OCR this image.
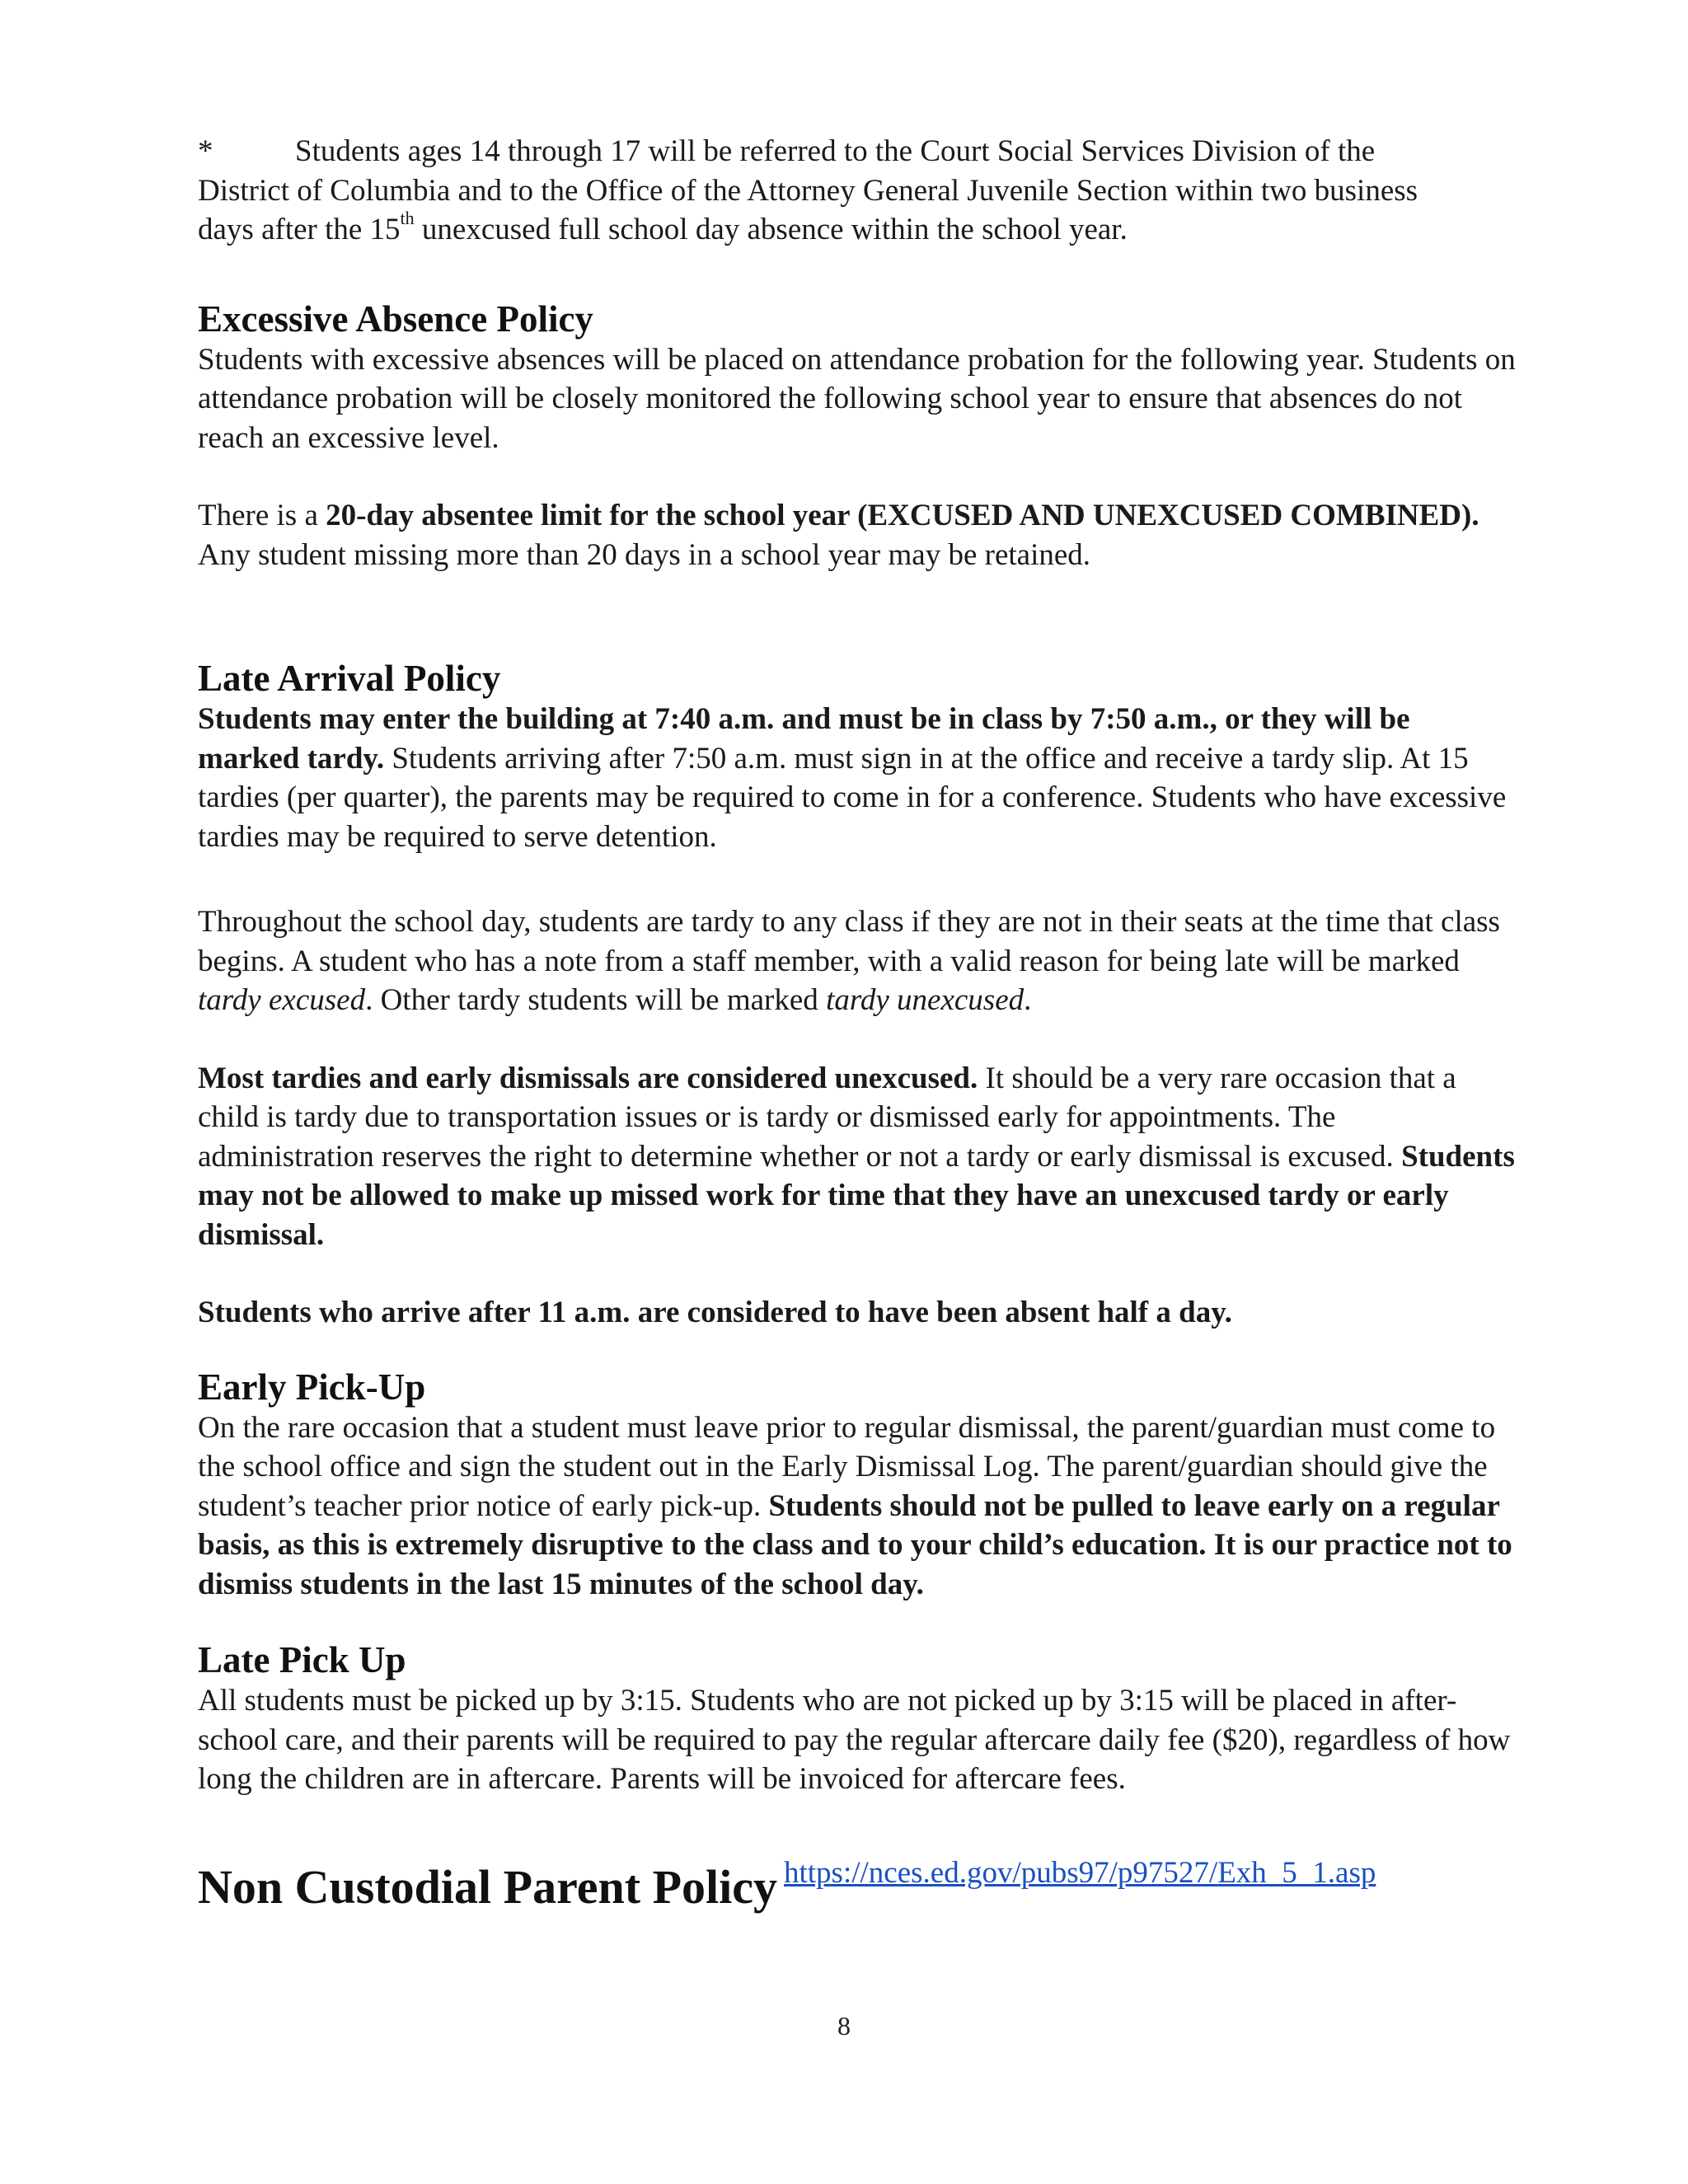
*	Students ages 14 through 17 will be referred to the Court Social Services Division of the
District of Columbia and to the Office of the Attorney General Juvenile Section within two business
days after the 15th unexcused full school day absence within the school year.

Excessive Absence Policy

Students with excessive absences will be placed on attendance probation for the following year. Students on attendance probation will be closely monitored the following school year to ensure that absences do not reach an excessive level.

There is a 20-day absentee limit for the school year (EXCUSED AND UNEXCUSED COMBINED). Any student missing more than 20 days in a school year may be retained.

Late Arrival Policy

Students may enter the building at 7:40 a.m. and must be in class by 7:50 a.m., or they will be marked tardy. Students arriving after 7:50 a.m. must sign in at the office and receive a tardy slip. At 15 tardies (per quarter), the parents may be required to come in for a conference. Students who have excessive tardies may be required to serve detention.

Throughout the school day, students are tardy to any class if they are not in their seats at the time that class begins. A student who has a note from a staff member, with a valid reason for being late will be marked tardy excused. Other tardy students will be marked tardy unexcused.

Most tardies and early dismissals are considered unexcused. It should be a very rare occasion that a child is tardy due to transportation issues or is tardy or dismissed early for appointments. The administration reserves the right to determine whether or not a tardy or early dismissal is excused. Students may not be allowed to make up missed work for time that they have an unexcused tardy or early dismissal.

Students who arrive after 11 a.m. are considered to have been absent half a day.

Early Pick-Up

On the rare occasion that a student must leave prior to regular dismissal, the parent/guardian must come to the school office and sign the student out in the Early Dismissal Log. The parent/guardian should give the student’s teacher prior notice of early pick-up. Students should not be pulled to leave early on a regular basis, as this is extremely disruptive to the class and to your child’s education. It is our practice not to dismiss students in the last 15 minutes of the school day.

Late Pick Up

All students must be picked up by 3:15. Students who are not picked up by 3:15 will be placed in after-school care, and their parents will be required to pay the regular aftercare daily fee ($20), regardless of how long the children are in aftercare. Parents will be invoiced for aftercare fees.

Non Custodial Parent Policy https://nces.ed.gov/pubs97/p97527/Exh_5_1.asp
8
